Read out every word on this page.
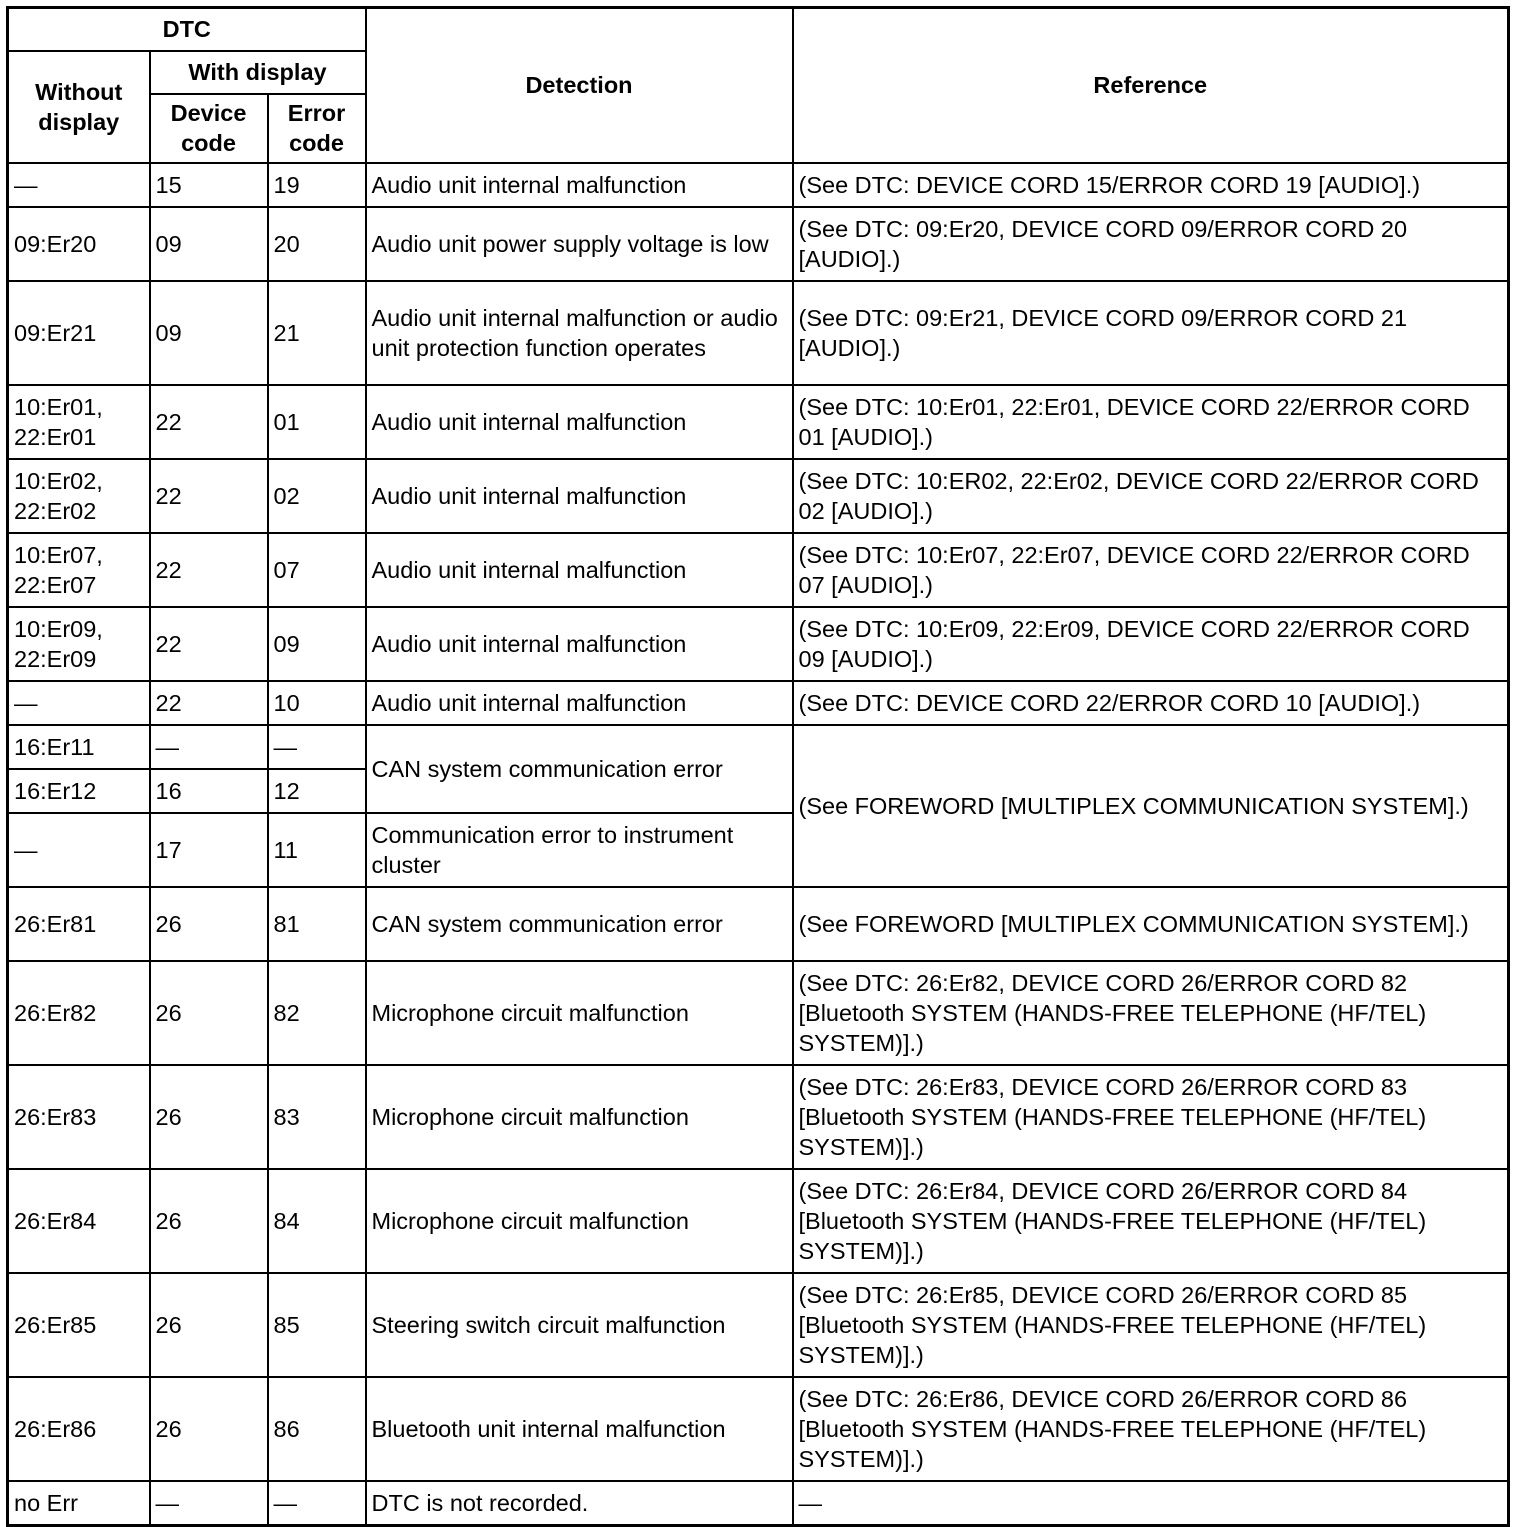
DTC			Detection	Reference
Without display	With display			
	Device code	Error code		
—	15	19	Audio unit internal malfunction	(See DTC: DEVICE CORD 15/ERROR CORD 19 [AUDIO].)
09:Er20	09	20	Audio unit power supply voltage is low	(See DTC: 09:Er20, DEVICE CORD 09/ERROR CORD 20 [AUDIO].)
09:Er21	09	21	Audio unit internal malfunction or audio unit protection function operates	(See DTC: 09:Er21, DEVICE CORD 09/ERROR CORD 21 [AUDIO].)
10:Er01, 22:Er01	22	01	Audio unit internal malfunction	(See DTC: 10:Er01, 22:Er01, DEVICE CORD 22/ERROR CORD 01 [AUDIO].)
10:Er02, 22:Er02	22	02	Audio unit internal malfunction	(See DTC: 10:ER02, 22:Er02, DEVICE CORD 22/ERROR CORD 02 [AUDIO].)
10:Er07, 22:Er07	22	07	Audio unit internal malfunction	(See DTC: 10:Er07, 22:Er07, DEVICE CORD 22/ERROR CORD 07 [AUDIO].)
10:Er09, 22:Er09	22	09	Audio unit internal malfunction	(See DTC: 10:Er09, 22:Er09, DEVICE CORD 22/ERROR CORD 09 [AUDIO].)
—	22	10	Audio unit internal malfunction	(See DTC: DEVICE CORD 22/ERROR CORD 10 [AUDIO].)
16:Er11	—	—	CAN system communication error	(See FOREWORD [MULTIPLEX COMMUNICATION SYSTEM].)
16:Er12	16	12		
—	17	11	Communication error to instrument cluster	
26:Er81	26	81	CAN system communication error	(See FOREWORD [MULTIPLEX COMMUNICATION SYSTEM].)
26:Er82	26	82	Microphone circuit malfunction	(See DTC: 26:Er82, DEVICE CORD 26/ERROR CORD 82 [Bluetooth SYSTEM (HANDS-FREE TELEPHONE (HF/TEL) SYSTEM)].)
26:Er83	26	83	Microphone circuit malfunction	(See DTC: 26:Er83, DEVICE CORD 26/ERROR CORD 83 [Bluetooth SYSTEM (HANDS-FREE TELEPHONE (HF/TEL) SYSTEM)].)
26:Er84	26	84	Microphone circuit malfunction	(See DTC: 26:Er84, DEVICE CORD 26/ERROR CORD 84 [Bluetooth SYSTEM (HANDS-FREE TELEPHONE (HF/TEL) SYSTEM)].)
26:Er85	26	85	Steering switch circuit malfunction	(See DTC: 26:Er85, DEVICE CORD 26/ERROR CORD 85 [Bluetooth SYSTEM (HANDS-FREE TELEPHONE (HF/TEL) SYSTEM)].)
26:Er86	26	86	Bluetooth unit internal malfunction	(See DTC: 26:Er86, DEVICE CORD 26/ERROR CORD 86 [Bluetooth SYSTEM (HANDS-FREE TELEPHONE (HF/TEL) SYSTEM)].)
no Err	—	—	DTC is not recorded.	—
